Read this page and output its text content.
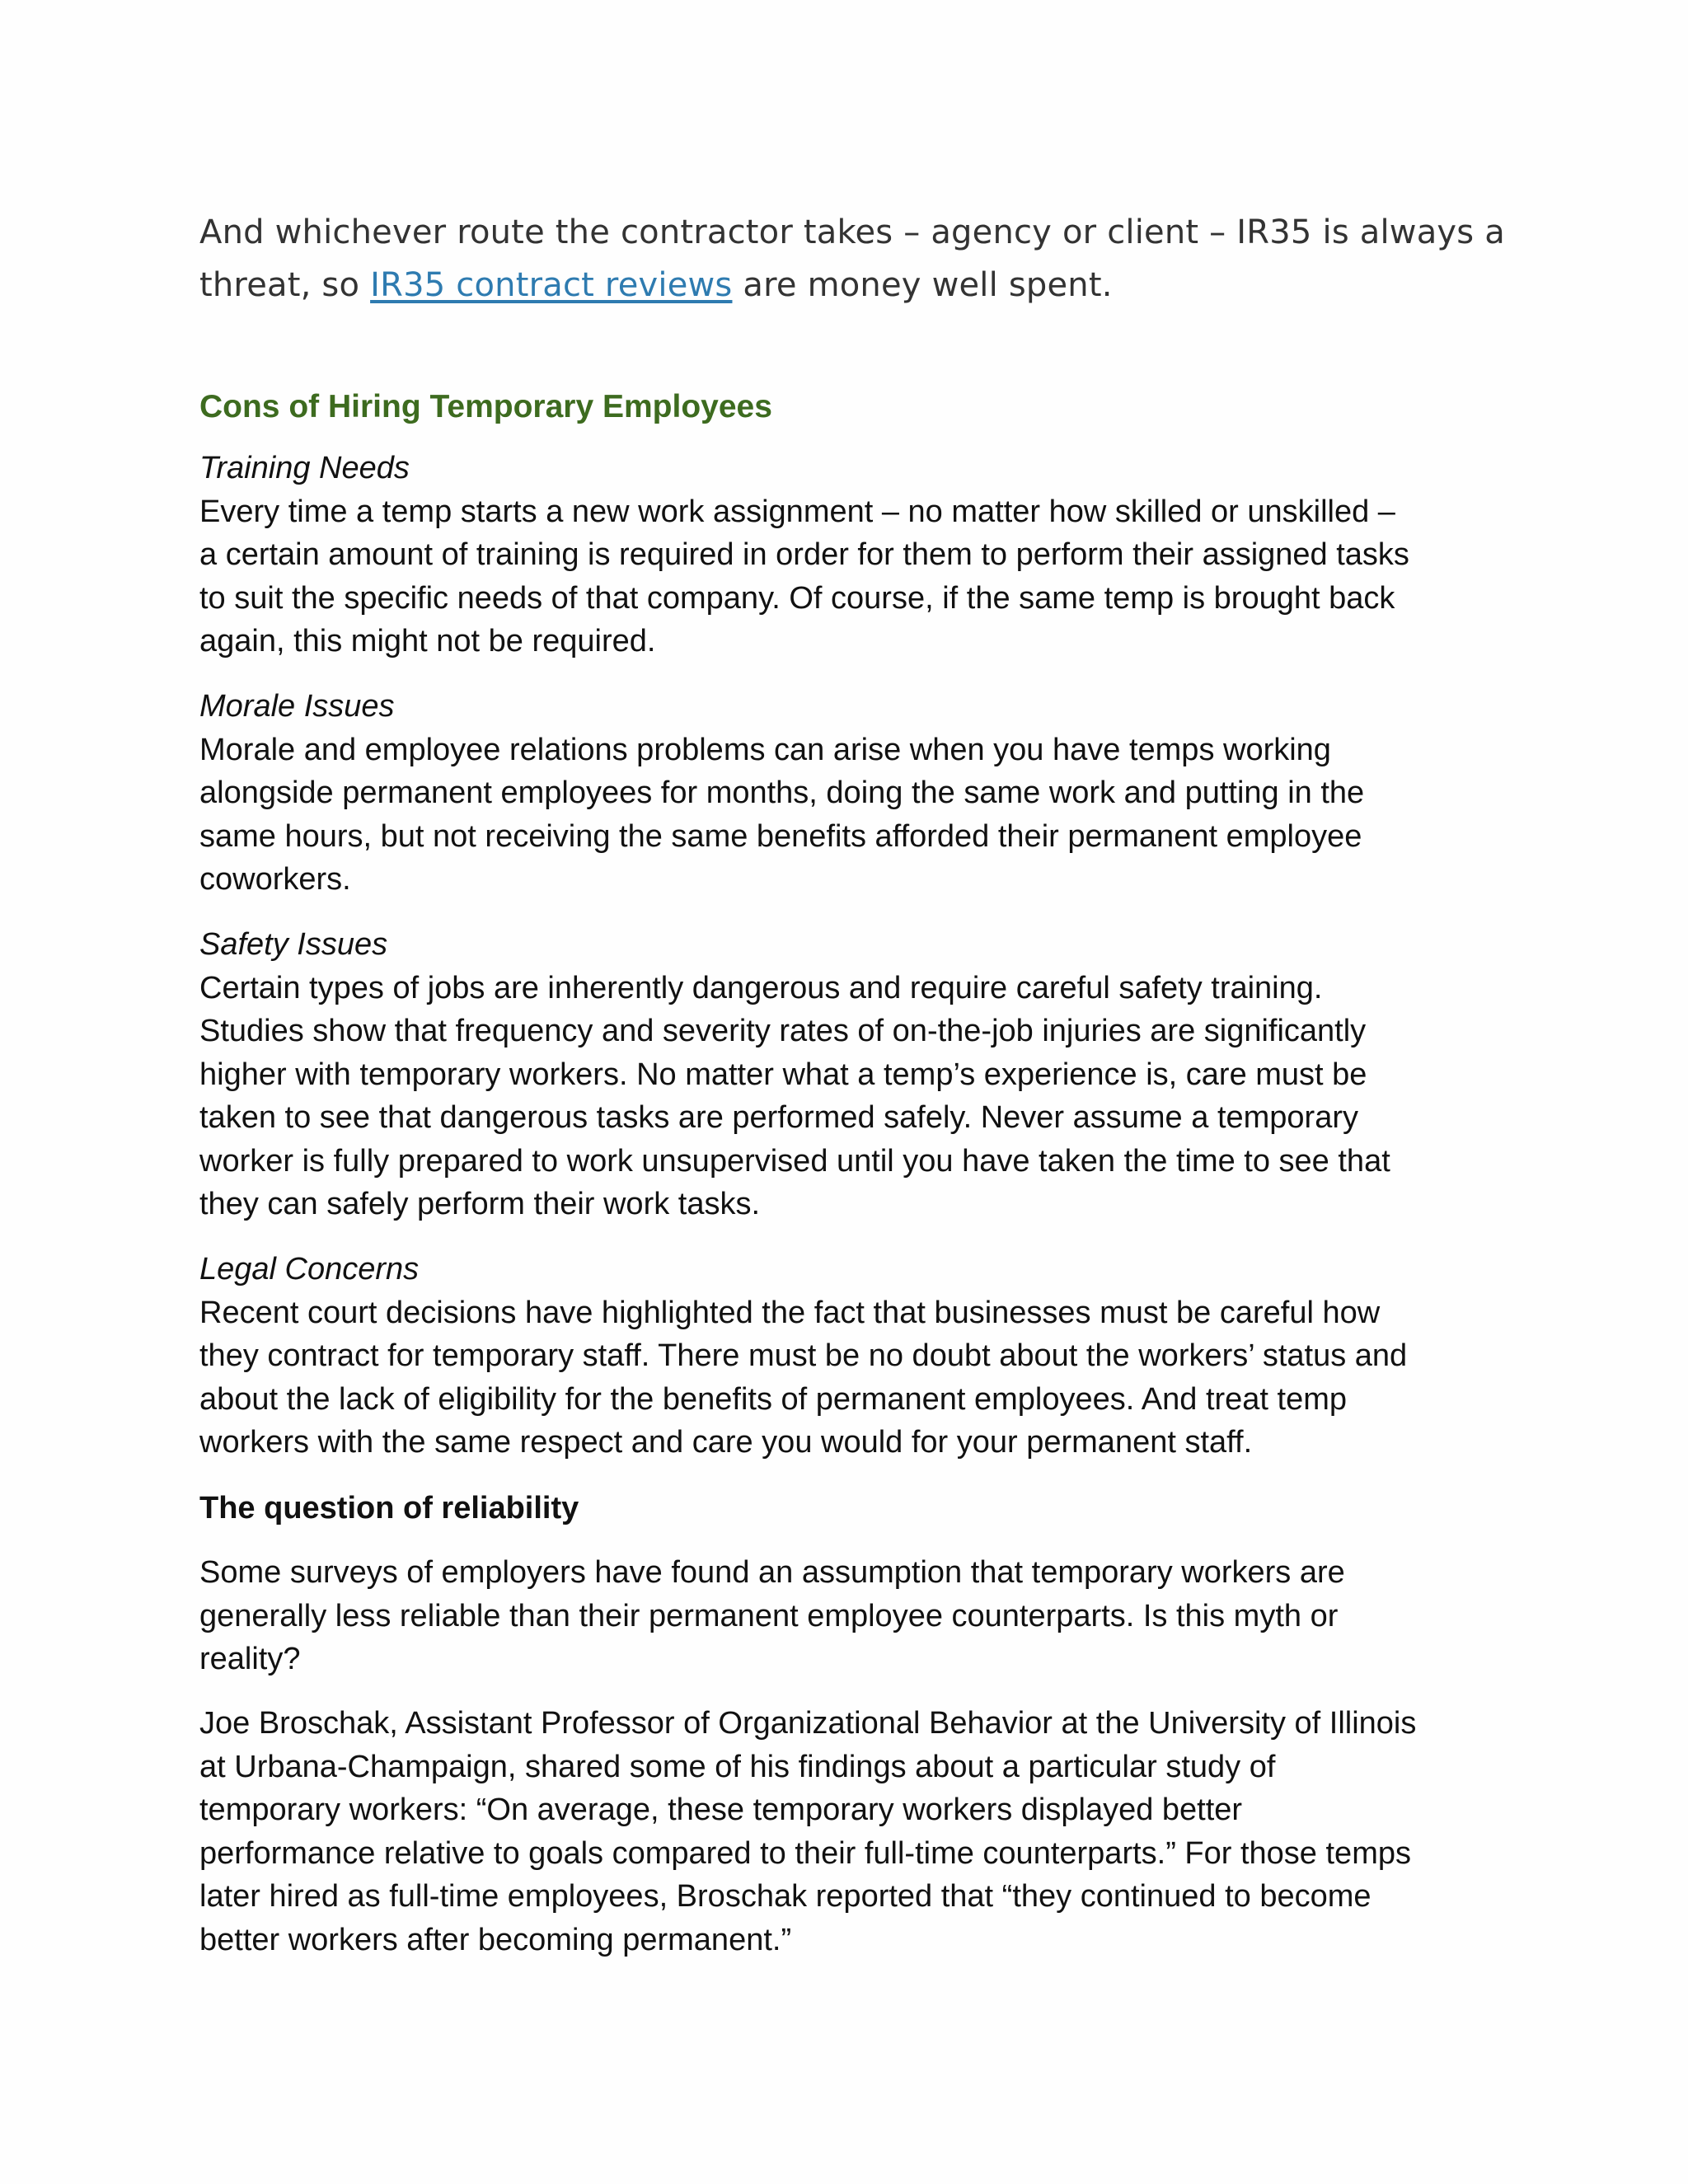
And whichever route the contractor takes – agency or client – IR35 is always a threat, so IR35 contract reviews are money well spent.

Cons of Hiring Temporary Employees
Training Needs
Every time a temp starts a new work assignment – no matter how skilled or unskilled –
a certain amount of training is required in order for them to perform their assigned tasks
to suit the specific needs of that company. Of course, if the same temp is brought back
again, this might not be required.
Morale Issues
Morale and employee relations problems can arise when you have temps working
alongside permanent employees for months, doing the same work and putting in the
same hours, but not receiving the same benefits afforded their permanent employee
coworkers.
Safety Issues
Certain types of jobs are inherently dangerous and require careful safety training.
Studies show that frequency and severity rates of on-the-job injuries are significantly
higher with temporary workers. No matter what a temp’s experience is, care must be
taken to see that dangerous tasks are performed safely. Never assume a temporary
worker is fully prepared to work unsupervised until you have taken the time to see that
they can safely perform their work tasks.
Legal Concerns
Recent court decisions have highlighted the fact that businesses must be careful how
they contract for temporary staff. There must be no doubt about the workers’ status and
about the lack of eligibility for the benefits of permanent employees. And treat temp
workers with the same respect and care you would for your permanent staff.
The question of reliability
Some surveys of employers have found an assumption that temporary workers are
generally less reliable than their permanent employee counterparts. Is this myth or
reality?
Joe Broschak, Assistant Professor of Organizational Behavior at the University of Illinois
at Urbana-Champaign, shared some of his findings about a particular study of
temporary workers: “On average, these temporary workers displayed better
performance relative to goals compared to their full-time counterparts.” For those temps
later hired as full-time employees, Broschak reported that “they continued to become
better workers after becoming permanent.”
